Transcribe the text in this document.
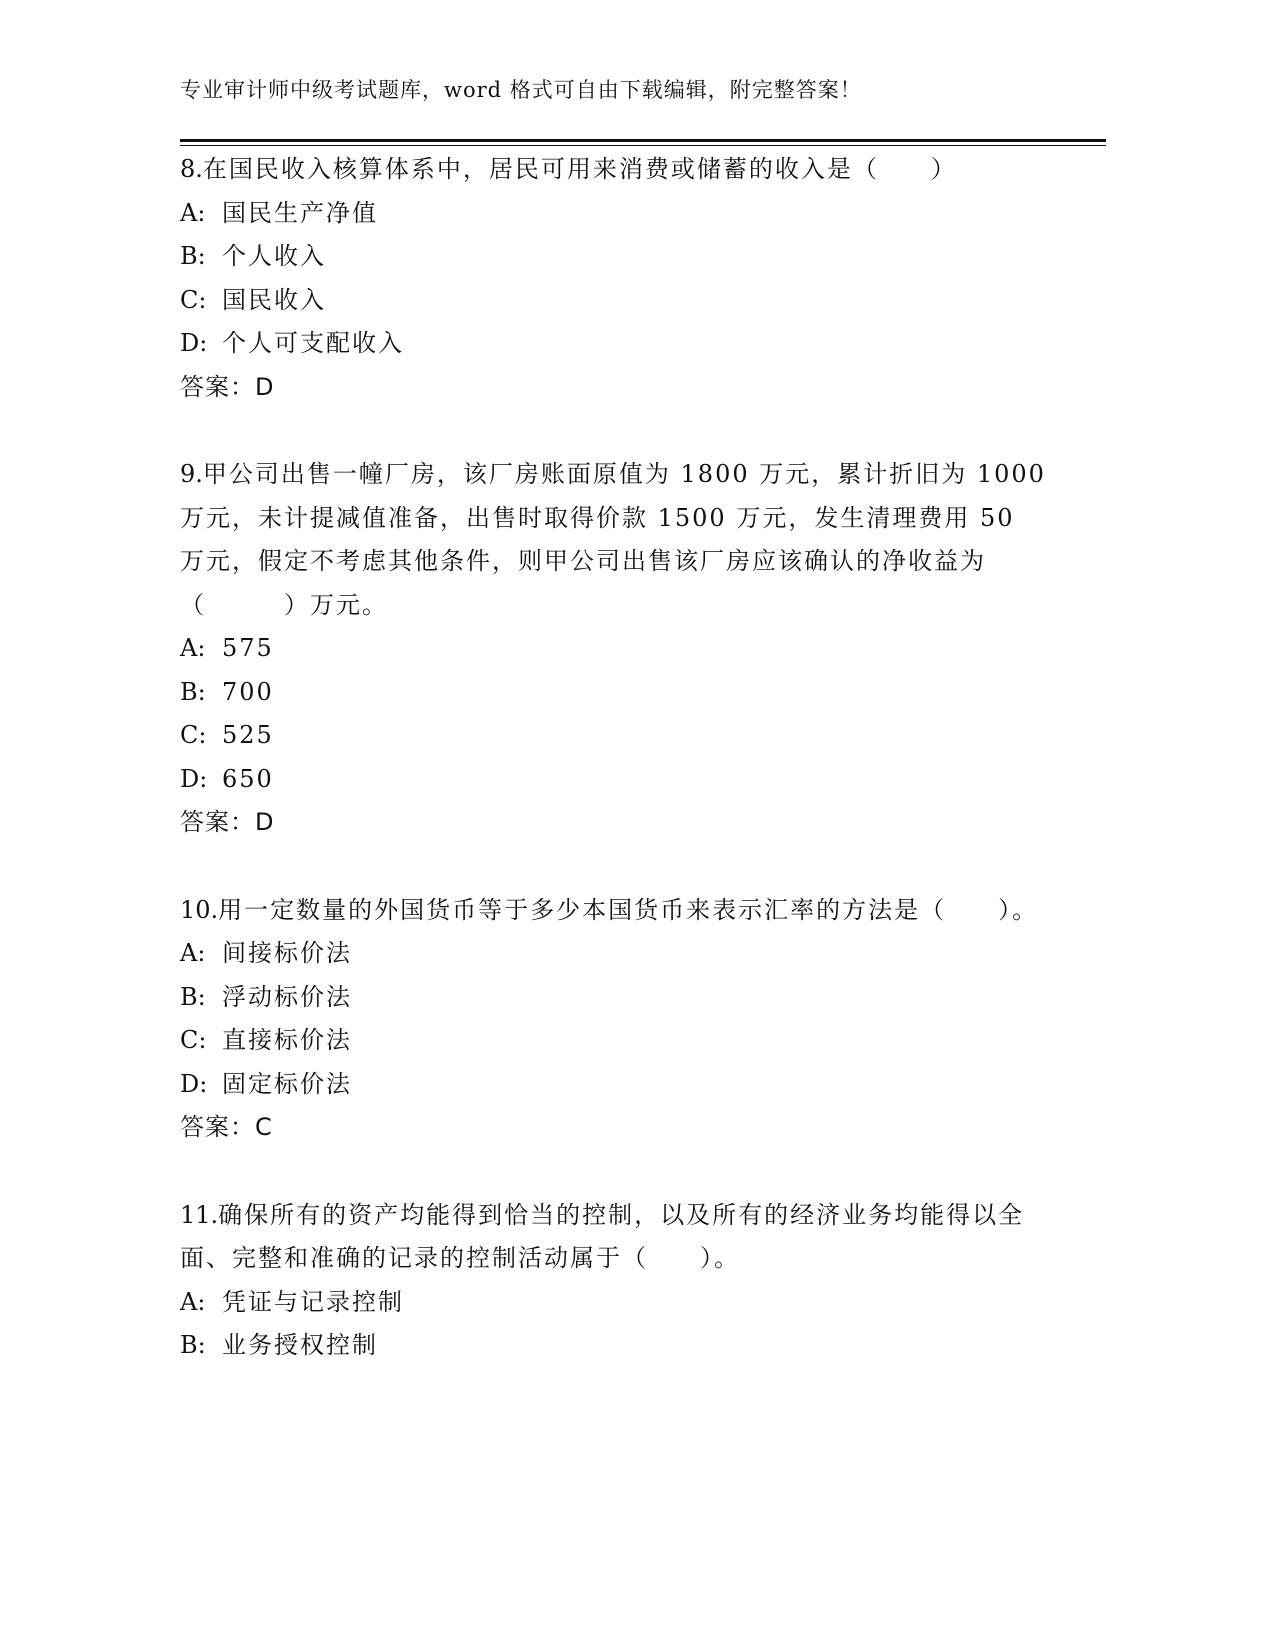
专业审计师中级考试题库，word 格式可自由下载编辑，附完整答案！

8.在国民收入核算体系中，居民可用来消费或储蓄的收入是（　　）

A: 国民生产净值
B: 个人收入
C: 国民收入
D: 个人可支配收入
答案：D

9.甲公司出售一幢厂房，该厂房账面原值为 1800 万元，累计折旧为 1000 万元，未计提减值准备，出售时取得价款 1500 万元，发生清理费用 50 万元，假定不考虑其他条件，则甲公司出售该厂房应该确认的净收益为（　　　）万元。

A: 575
B: 700
C: 525
D: 650
答案：D

10.用一定数量的外国货币等于多少本国货币来表示汇率的方法是（　　）。

A: 间接标价法
B: 浮动标价法
C: 直接标价法
D: 固定标价法
答案：C

11.确保所有的资产均能得到恰当的控制，以及所有的经济业务均能得以全面、完整和准确的记录的控制活动属于（　　）。

A: 凭证与记录控制
B: 业务授权控制
